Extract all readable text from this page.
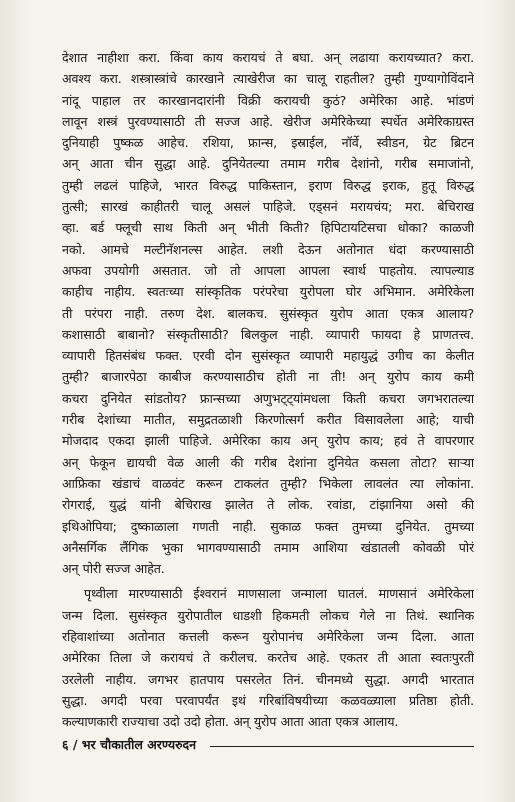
देशात नाहीशा करा. किंवा काय करायचं ते बघा. अन् लढाया करायच्यात? करा.
अवश्य करा. शस्त्रास्त्रांचे कारखाने त्याखेरीज का चालू राहतील? तुम्ही गुण्यागोविंदाने
नांदू पाहाल तर कारखानदारांनी विक्री करायची कुठं? अमेरिका आहे. भांडणं
लावून शस्त्रं पुरवण्यासाठी ती सज्ज आहे. खेरीज अमेरिकेच्या स्पर्धेत अमेरिकाग्रस्त
दुनियाही पुष्कळ आहेच. रशिया, फ्रान्स, इस्राईल, नॉर्वे, स्वीडन, ग्रेट ब्रिटन
अन् आता चीन सुद्धा आहे. दुनियेतल्या तमाम गरीब देशांनो, गरीब समाजांनो,
तुम्ही लढलं पाहिजे, भारत विरुद्ध पाकिस्तान, इराण विरुद्ध इराक, हुतू विरुद्ध
तुत्सी; सारखं काहीतरी चालू असलं पाहिजे. एड्सनं मरायचंय; मरा. बेचिराख
व्हा. बर्ड फ्लूची साथ किती अन् भीती किती? हिपिटायटिसचा धोका? काळजी
नको. आमचे मल्टीनॅशनल्स आहेत. लशी देऊन अतोनात धंदा करण्यासाठी
अफवा उपयोगी असतात. जो तो आपला आपला स्वार्थ पाहतोय. त्यापल्याड
काहीच नाहीय. स्वतःच्या सांस्कृतिक परंपरेचा युरोपला घोर अभिमान. अमेरिकेला
ती परंपरा नाही. तरुण देश. बालकच. सुसंस्कृत युरोप आता एकत्र आलाय?
कशासाठी बाबानो? संस्कृतीसाठी? बिलकुल नाही. व्यापारी फायदा हे प्राणतत्त्व.
व्यापारी हितसंबंध फक्त. एरवी दोन सुसंस्कृत व्यापारी महायुद्धं उगीच का केलीत
तुम्ही? बाजारपेठा काबीज करण्यासाठीच होती ना ती! अन् युरोप काय कमी
कचरा दुनियेत सांडतोय? फ्रान्सच्या अणुभट्ट्यांमधला किती कचरा जगभरातल्या
गरीब देशांच्या मातीत, समुद्रतळाशी किरणोत्सर्ग करीत विसावलेला आहे; याची
मोजदाद एकदा झाली पाहिजे. अमेरिका काय अन् युरोप काय; हवं ते वापरणार
अन् फेकून द्यायची वेळ आली की गरीब देशांना दुनियेत कसला तोटा? साऱ्या
आफ्रिका खंडाचं वाळवंट करून टाकलंत तुम्ही? भिकेला लावलंत त्या लोकांना.
रोगराई, युद्धं यांनी बेचिराख झालेत ते लोक. रवांडा, टांझानिया असो की
इथिओपिया; दुष्काळाला गणती नाही. सुकाळ फक्त तुमच्या दुनियेत. तुमच्या
अनैसर्गिक लैंगिक भुका भागवण्यासाठी तमाम आशिया खंडातली कोवळी पोरं
अन् पोरी सज्ज आहेत.
पृथ्वीला मारण्यासाठी ईश्वरानं माणसाला जन्माला घातलं. माणसानं अमेरिकेला
जन्म दिला. सुसंस्कृत युरोपातील धाडशी हिकमती लोकच गेले ना तिथं. स्थानिक
रहिवाशांच्या अतोनात कत्तली करून युरोपानंच अमेरिकेला जन्म दिला. आता
अमेरिका तिला जे करायचं ते करीलच. करतेच आहे. एकतर ती आता स्वतःपुरती
उरलेली नाहीय. जगभर हातपाय पसरलेत तिनं. चीनमध्ये सुद्धा. अगदी भारतात
सुद्धा. अगदी परवा परवापर्यंत इथं गरिबांविषयीच्या कळवळ्याला प्रतिष्ठा होती.
कल्याणकारी राज्याचा उदो उदो होता. अन् युरोप आता आता एकत्र आलाय.
६ / भर चौकातील अरण्यरुदन
